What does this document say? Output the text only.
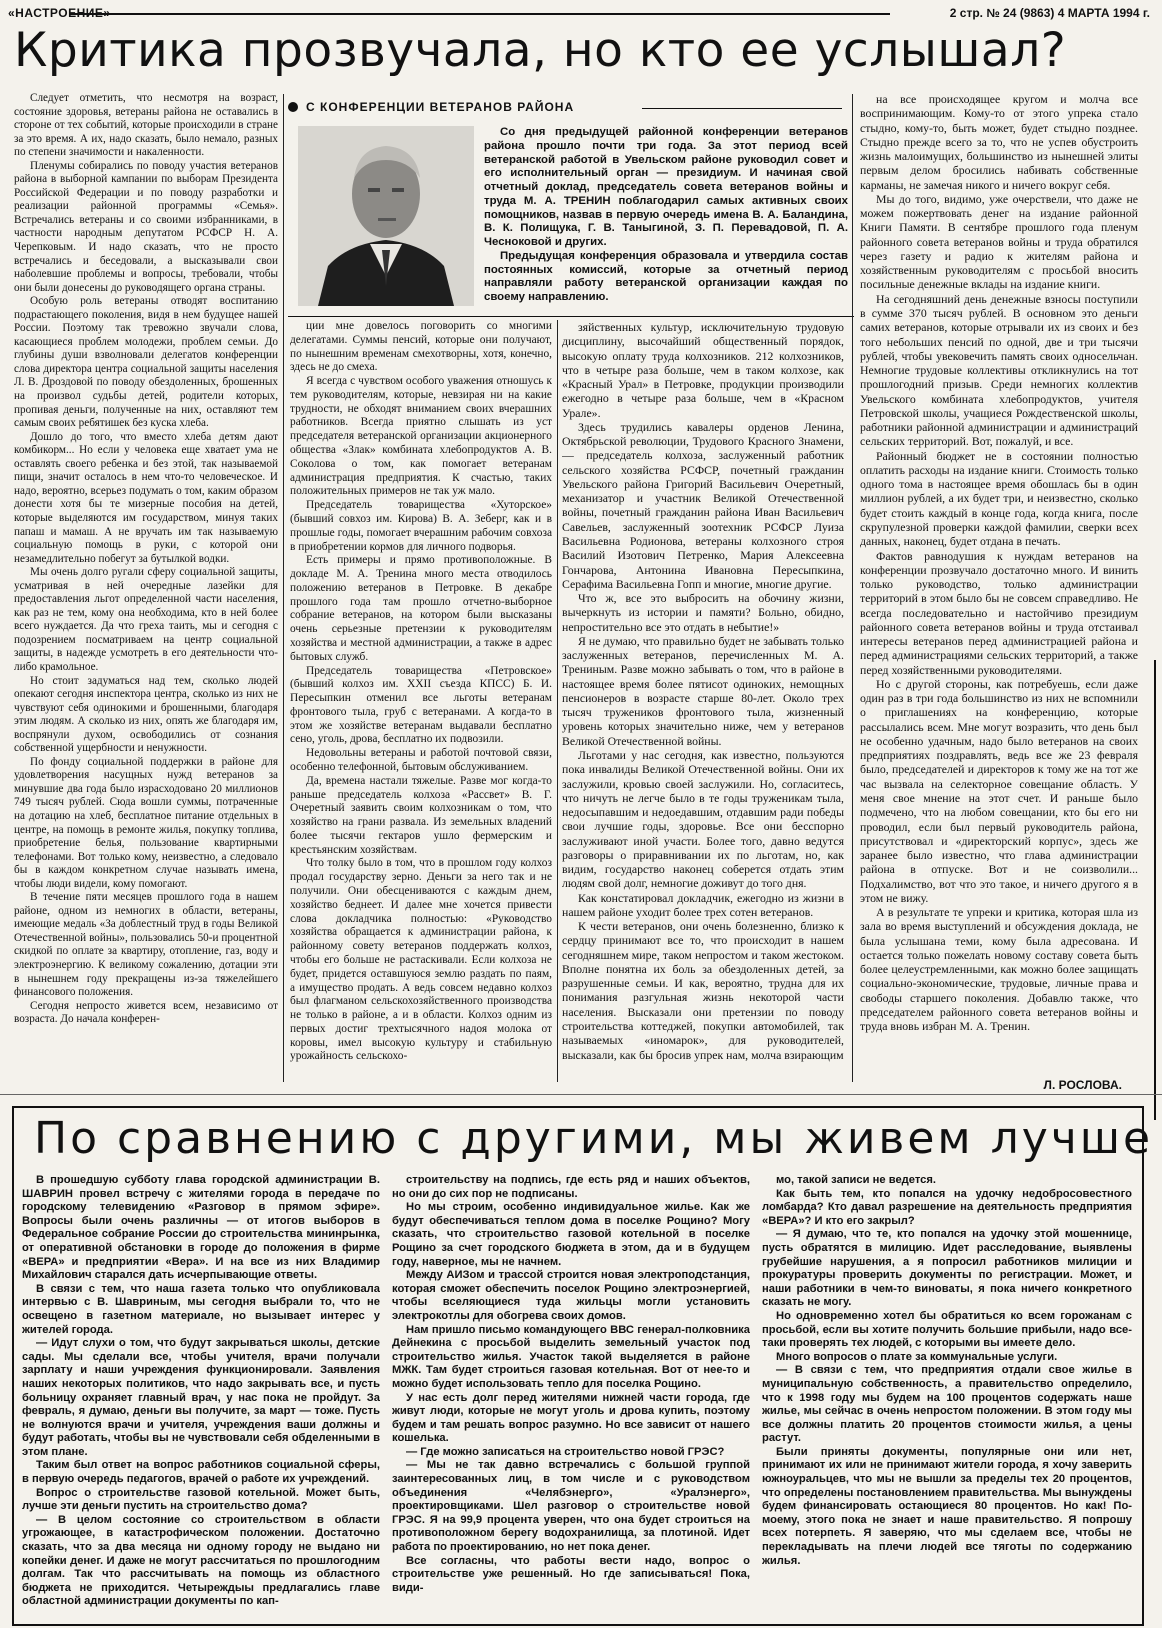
«НАСТРОЕНИЕ»	2 стр. № 24 (9863) 4 МАРТА 1994 г.
Критика прозвучала, но кто ее услышал?

Следует отметить, что несмотря на возраст, состояние здоровья, ветераны района не оставались в стороне от тех событий, которые происходили в стране за это время. А их, надо сказать, было немало, разных по степени значимости и накаленности.

Пленумы собирались по поводу участия ветеранов района в выборной кампании по выборам Президента Российской Федерации и по поводу разработки и реализации районной программы «Семья». Встречались ветераны и со своими избранниками, в частности народным депутатом РСФСР Н. А. Черепковым. И надо сказать, что не просто встречались и беседовали, а высказывали свои наболевшие проблемы и вопросы, требовали, чтобы они были донесены до руководящего органа страны.

Особую роль ветераны отводят воспитанию подрастающего поколения, видя в нем будущее нашей России. Поэтому так тревожно звучали слова, касающиеся проблем молодежи, проблем семьи. До глубины души взволновали делегатов конференции слова директора центра социальной защиты населения Л. В. Дроздовой по поводу обездоленных, брошенных на произвол судьбы детей, родители которых, пропивая деньги, полученные на них, оставляют тем самым своих ребятишек без куска хлеба.

Дошло до того, что вместо хлеба детям дают комбикорм... Но если у человека еще хватает ума не оставлять своего ребенка и без этой, так называемой пищи, значит осталось в нем что-то человеческое. И надо, вероятно, всерьез подумать о том, каким образом донести хотя бы те мизерные пособия на детей, которые выделяются им государством, минуя таких папаш и мамаш. А не вручать им так называемую социальную помощь в руки, с которой они незамедлительно побегут за бутылкой водки.

Мы очень долго ругали сферу социальной защиты, усматривая в ней очередные лазейки для предоставления льгот определенной части населения, как раз не тем, кому она необходима, кто в ней более всего нуждается. Да что греха таить, мы и сегодня с подозрением посматриваем на центр социальной защиты, в надежде усмотреть в его деятельности что-либо крамольное.

Но стоит задуматься над тем, сколько людей опекают сегодня инспектора центра, сколько из них не чувствуют себя одинокими и брошенными, благодаря этим людям. А сколько из них, опять же благодаря им, воспрянули духом, освободились от сознания собственной ущербности и ненужности.

По фонду социальной поддержки в районе для удовлетворения насущных нужд ветеранов за минувшие два года было израсходовано 20 миллионов 749 тысяч рублей. Сюда вошли суммы, потраченные на дотацию на хлеб, бесплатное питание отдельных в центре, на помощь в ремонте жилья, покупку топлива, приобретение белья, пользование квартирными телефонами. Вот только кому, неизвестно, а следовало бы в каждом конкретном случае называть имена, чтобы люди видели, кому помогают.

В течение пяти месяцев прошлого года в нашем районе, одном из немногих в области, ветераны, имеющие медаль «За доблестный труд в годы Великой Отечественной войны», пользовались 50-и процентной скидкой по оплате за квартиру, отопление, газ, воду и электроэнергию. К великому сожалению, дотации эти в нынешнем году прекращены из-за тяжелейшего финансового положения.

Сегодня непросто живется всем, независимо от возраста. До начала конферен-

С КОНФЕРЕНЦИИ ВЕТЕРАНОВ РАЙОНА

Со дня предыдущей районной конференции ветеранов района прошло почти три года. За этот период всей ветеранской работой в Увельском районе руководил совет и его исполнительный орган — президиум. И начиная свой отчетный доклад, председатель совета ветеранов войны и труда М. А. ТРЕНИН поблагодарил самых активных своих помощников, назвав в первую очередь имена В. А. Баландина, В. К. Полищука, Г. В. Таныгиной, З. П. Перевадовой, П. А. Чесноковой и других.

Предыдущая конференция образовала и утвердила состав постоянных комиссий, которые за отчетный период направляли работу ветеранской организации каждая по своему направлению.

ции мне довелось поговорить со многими делегатами. Суммы пенсий, которые они получают, по нынешним временам смехотворны, хотя, конечно, здесь не до смеха.

Я всегда с чувством особого уважения отношусь к тем руководителям, которые, невзирая ни на какие трудности, не обходят вниманием своих вчерашних работников. Всегда приятно слышать из уст председателя ветеранской организации акционерного общества «Злак» комбината хлебопродуктов А. В. Соколова о том, как помогает ветеранам администрация предприятия. К счастью, таких положительных примеров не так уж мало.

Председатель товарищества «Хуторское» (бывший совхоз им. Кирова) В. А. Зеберг, как и в прошлые годы, помогает вчерашним рабочим совхоза в приобретении кормов для личного подворья.

Есть примеры и прямо противоположные. В докладе М. А. Тренина много места отводилось положению ветеранов в Петровке. В декабре прошлого года там прошло отчетно-выборное собрание ветеранов, на котором были высказаны очень серьезные претензии к руководителям хозяйства и местной администрации, а также в адрес бытовых служб.

Председатель товарищества «Петровское» (бывший колхоз им. XXII съезда КПСС) Б. И. Пересыпкин отменил все льготы ветеранам фронтового тыла, груб с ветеранами. А когда-то в этом же хозяйстве ветеранам выдавали бесплатно сено, уголь, дрова, бесплатно их подвозили.

Недовольны ветераны и работой почтовой связи, особенно телефонной, бытовым обслуживанием.

Да, времена настали тяжелые. Разве мог когда-то раньше председатель колхоза «Рассвет» В. Г. Очеретный заявить своим колхозникам о том, что хозяйство на грани развала. Из земельных владений более тысячи гектаров ушло фермерским и крестьянским хозяйствам.

Что толку было в том, что в прошлом году колхоз продал государству зерно. Деньги за него так и не получили. Они обесцениваются с каждым днем, хозяйство беднеет. И далее мне хочется привести слова докладчика полностью: «Руководство хозяйства обращается к администрации района, к районному совету ветеранов поддержать колхоз, чтобы его больше не растаскивали. Если колхоза не будет, придется оставшуюся землю раздать по паям, а имущество продать. А ведь совсем недавно колхоз был флагманом сельскохозяйственного производства не только в районе, а и в области. Колхоз одним из первых достиг трехтысячного надоя молока от коровы, имел высокую культуру и стабильную урожайность сельскохо-

зяйственных культур, исключительную трудовую дисциплину, высочайший общественный порядок, высокую оплату труда колхозников. 212 колхозников, что в четыре раза больше, чем в таком колхозе, как «Красный Урал» в Петровке, продукции производили ежегодно в четыре раза больше, чем в «Красном Урале».

Здесь трудились кавалеры орденов Ленина, Октябрьской революции, Трудового Красного Знамени, — председатель колхоза, заслуженный работник сельского хозяйства РСФСР, почетный гражданин Увельского района Григорий Васильевич Очеретный, механизатор и участник Великой Отечественной войны, почетный гражданин района Иван Васильевич Савельев, заслуженный зоотехник РСФСР Луиза Васильевна Родионова, ветераны колхозного строя Василий Изотович Петренко, Мария Алексеевна Гончарова, Антонина Ивановна Пересыпкина, Серафима Васильевна Гопп и многие, многие другие.

Что ж, все это выбросить на обочину жизни, вычеркнуть из истории и памяти? Больно, обидно, непростительно все это отдать в небытие!»

Я не думаю, что правильно будет не забывать только заслуженных ветеранов, перечисленных М. А. Трениным. Разве можно забывать о том, что в районе в настоящее время более пятисот одиноких, немощных пенсионеров в возрасте старше 80-лет. Около трех тысяч тружеников фронтового тыла, жизненный уровень которых значительно ниже, чем у ветеранов Великой Отечественной войны.

Льготами у нас сегодня, как известно, пользуются пока инвалиды Великой Отечественной войны. Они их заслужили, кровью своей заслужили. Но, согласитесь, что ничуть не легче было в те годы труженикам тыла, недосыпавшим и недоедавшим, отдавшим ради победы свои лучшие годы, здоровье. Все они бесспорно заслуживают иной участи. Более того, давно ведутся разговоры о приравнивании их по льготам, но, как видим, государство наконец соберется отдать этим людям свой долг, немногие доживут до того дня.

Как констатировал докладчик, ежегодно из жизни в нашем районе уходит более трех сотен ветеранов.

К чести ветеранов, они очень болезненно, близко к сердцу принимают все то, что происходит в нашем сегодняшнем мире, таком непростом и таком жестоком. Вполне понятна их боль за обездоленных детей, за разрушенные семьи. И как, вероятно, трудна для их понимания разгульная жизнь некоторой части населения. Высказали они претензии по поводу строительства коттеджей, покупки автомобилей, так называемых «иномарок», для руководителей, высказали, как бы бросив упрек нам, молча взирающим

на все происходящее кругом и молча все воспринимающим. Кому-то от этого упрека стало стыдно, кому-то, быть может, будет стыдно позднее. Стыдно прежде всего за то, что не успев обустроить жизнь малоимущих, большинство из нынешней элиты первым делом бросились набивать собственные карманы, не замечая никого и ничего вокруг себя.

Мы до того, видимо, уже очерствели, что даже не можем пожертвовать денег на издание районной Книги Памяти. В сентябре прошлого года пленум районного совета ветеранов войны и труда обратился через газету и радио к жителям района и хозяйственным руководителям с просьбой вносить посильные денежные вклады на издание книги.

На сегодняшний день денежные взносы поступили в сумме 370 тысяч рублей. В основном это деньги самих ветеранов, которые отрывали их из своих и без того небольших пенсий по одной, две и три тысячи рублей, чтобы увековечить память своих односельчан. Немногие трудовые коллективы откликнулись на тот прошлогодний призыв. Среди немногих коллектив Увельского комбината хлебопродуктов, учителя Петровской школы, учащиеся Рождественской школы, работники районной администрации и администраций сельских территорий. Вот, пожалуй, и все.

Районный бюджет не в состоянии полностью оплатить расходы на издание книги. Стоимость только одного тома в настоящее время обошлась бы в один миллион рублей, а их будет три, и неизвестно, сколько будет стоить каждый в конце года, когда книга, после скрупулезной проверки каждой фамилии, сверки всех данных, наконец, будет отдана в печать.

Фактов равнодушия к нуждам ветеранов на конференции прозвучало достаточно много. И винить только руководство, только администрации территорий в этом было бы не совсем справедливо. Не всегда последовательно и настойчиво президиум районного совета ветеранов войны и труда отстаивал интересы ветеранов перед администрацией района и перед администрациями сельских территорий, а также перед хозяйственными руководителями.

Но с другой стороны, как потребуешь, если даже один раз в три года большинство из них не вспомнили о приглашениях на конференцию, которые рассылались всем. Мне могут возразить, что день был не особенно удачным, надо было ветеранов на своих предприятиях поздравлять, ведь все же 23 февраля было, председателей и директоров к тому же на тот же час вызвала на селекторное совещание область. У меня свое мнение на этот счет. И раньше было подмечено, что на любом совещании, кто бы его ни проводил, если был первый руководитель района, присутствовал и «директорский корпус», здесь же заранее было известно, что глава администрации района в отпуске. Вот и не соизволили... Подхалимство, вот что это такое, и ничего другого я в этом не вижу.

А в результате те упреки и критика, которая шла из зала во время выступлений и обсуждения доклада, не была услышана теми, кому была адресована. И остается только пожелать новому составу совета быть более целеустремленными, как можно более защищать социально-экономические, трудовые, личные права и свободы старшего поколения. Добавлю также, что председателем районного совета ветеранов войны и труда вновь избран М. А. Тренин.

Л. РОСЛОВА.
По сравнению с другими, мы живем лучше

В прошедшую субботу глава городской администрации В. ШАВРИН провел встречу с жителями города в передаче по городскому телевидению «Разговор в прямом эфире». Вопросы были очень различны — от итогов выборов в Федеральное собрание России до строительства мининрынка, от оперативной обстановки в городе до положения в фирме «ВЕРА» и предприятии «Вера». И на все из них Владимир Михайлович старался дать исчерпывающие ответы.

В связи с тем, что наша газета только что опубликовала интервью с В. Шавриным, мы сегодня выбрали то, что не освещено в газетном материале, но вызывает интерес у жителей города.

— Идут слухи о том, что будут закрываться школы, детские сады. Мы сделали все, чтобы учителя, врачи получали зарплату и наши учреждения функционировали. Заявления наших некоторых политиков, что надо закрывать все, и пусть больницу охраняет главный врач, у нас пока не пройдут. За февраль, я думаю, деньги вы получите, за март — тоже. Пусть не волнуются врачи и учителя, учреждения ваши должны и будут работать, чтобы вы не чувствовали себя обделенными в этом плане.

Таким был ответ на вопрос работников социальной сферы, в первую очередь педагогов, врачей о работе их учреждений.

Вопрос о строительстве газовой котельной. Может быть, лучше эти деньги пустить на строительство дома?

— В целом состояние со строительством в области угрожающее, в катастрофическом положении. Достаточно сказать, что за два месяца ни одному городу не выдано ни копейки денег. И даже не могут рассчитаться по прошлогодним долгам. Так что рассчитывать на помощь из областного бюджета не приходится. Четыреждыы предлагались главе областной администрации документы по кап-

строительству на подпись, где есть ряд и наших объектов, но они до сих пор не подписаны.

Но мы строим, особенно индивидуальное жилье. Как же будут обеспечиваться теплом дома в поселке Рощино? Могу сказать, что строительство газовой котельной в поселке Рощино за счет городского бюджета в этом, да и в будущем году, наверное, мы не начнем.

Между АИЗом и трассой строится новая электроподстанция, которая сможет обеспечить поселок Рощино электроэнергией, чтобы вселяющиеся туда жильцы могли установить электрокотлы для обогрева своих домов.

Нам пришло письмо командующего ВВС генерал-полковника Дейнекина с просьбой выделить земельный участок под строительство жилья. Участок такой выделяется в районе МЖК. Там будет строиться газовая котельная. Вот от нее-то и можно будет использовать тепло для поселка Рощино.

У нас есть долг перед жителями нижней части города, где живут люди, которые не могут уголь и дрова купить, поэтому будем и там решать вопрос разумно. Но все зависит от нашего кошелька.

— Где можно записаться на строительство новой ГРЭС?

— Мы не так давно встречались с большой группой заинтересованных лиц, в том числе и с руководством объединения «Челябэнерго», «Уралэнерго», проектировщиками. Шел разговор о строительстве новой ГРЭС. Я на 99,9 процента уверен, что она будет строиться на противоположном берегу водохранилища, за плотиной. Идет работа по проектированию, но нет пока денег.

Все согласны, что работы вести надо, вопрос о строительстве уже решенный. Но где записываться! Пока, види-

мо, такой записи не ведется.

Как быть тем, кто попался на удочку недобросовестного ломбарда? Кто давал разрешение на деятельность предприятия «ВЕРА»? И кто его закрыл?

— Я думаю, что те, кто попался на удочку этой мошеннице, пусть обратятся в милицию. Идет расследование, выявлены грубейшие нарушения, а я попросил работников милиции и прокуратуры проверить документы по регистрации. Может, и наши работники в чем-то виноваты, я пока ничего конкретного сказать не могу.

Но одновременно хотел бы обратиться ко всем горожанам с просьбой, если вы хотите получить большие прибыли, надо все-таки проверять тех людей, с которыми вы имеете дело.

Много вопросов о плате за коммунальные услуги.

— В связи с тем, что предприятия отдали свое жилье в муниципальную собственность, а правительство определило, что к 1998 году мы будем на 100 процентов содержать наше жилье, мы сейчас в очень непростом положении. В этом году мы все должны платить 20 процентов стоимости жилья, а цены растут.

Были приняты документы, популярные они или нет, принимают их или не принимают жители города, я хочу заверить южноуральцев, что мы не вышли за пределы тех 20 процентов, что определены постановлением правительства. Мы вынуждены будем финансировать остающиеся 80 процентов. Но как! По-моему, этого пока не знает и наше правительство. Я попрошу всех потерпеть. Я заверяю, что мы сделаем все, чтобы не перекладывать на плечи людей все тяготы по содержанию жилья.
